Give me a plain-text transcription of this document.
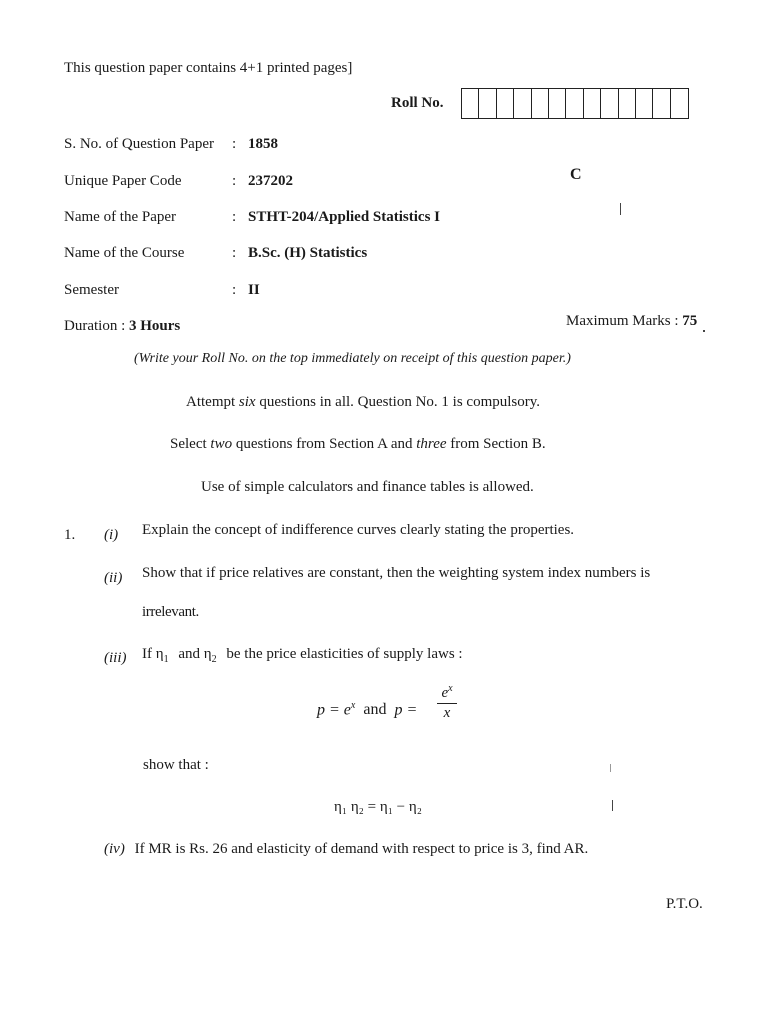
This question paper contains 4+1 printed pages]
Roll No.
S. No. of Question Paper : 1858
Unique Paper Code	: 237202	C
Name of the Paper	: STHT-204/Applied Statistics I
Name of the Course	: B.Sc. (H) Statistics
Semester	: II
Duration : 3 Hours	Maximum Marks : 75
(Write your Roll No. on the top immediately on receipt of this question paper.)
Attempt six questions in all. Question No. 1 is compulsory.
Select two questions from Section A and three from Section B.
Use of simple calculators and finance tables is allowed.
1. (i) Explain the concept of indifference curves clearly stating the properties.
(ii) Show that if price relatives are constant, then the weighting system index numbers is
irrelevant.
(iii) If $\eta_1$ and $\eta_2$ be the price elasticities of supply laws :
$p = e^x$ and p =
$e^x$
x
show that :
η₁ η₂ = η₁ − η₂
(iv) If MR is Rs. 26 and elasticity of demand with respect to price is 3, find AR.
P.T.O.
